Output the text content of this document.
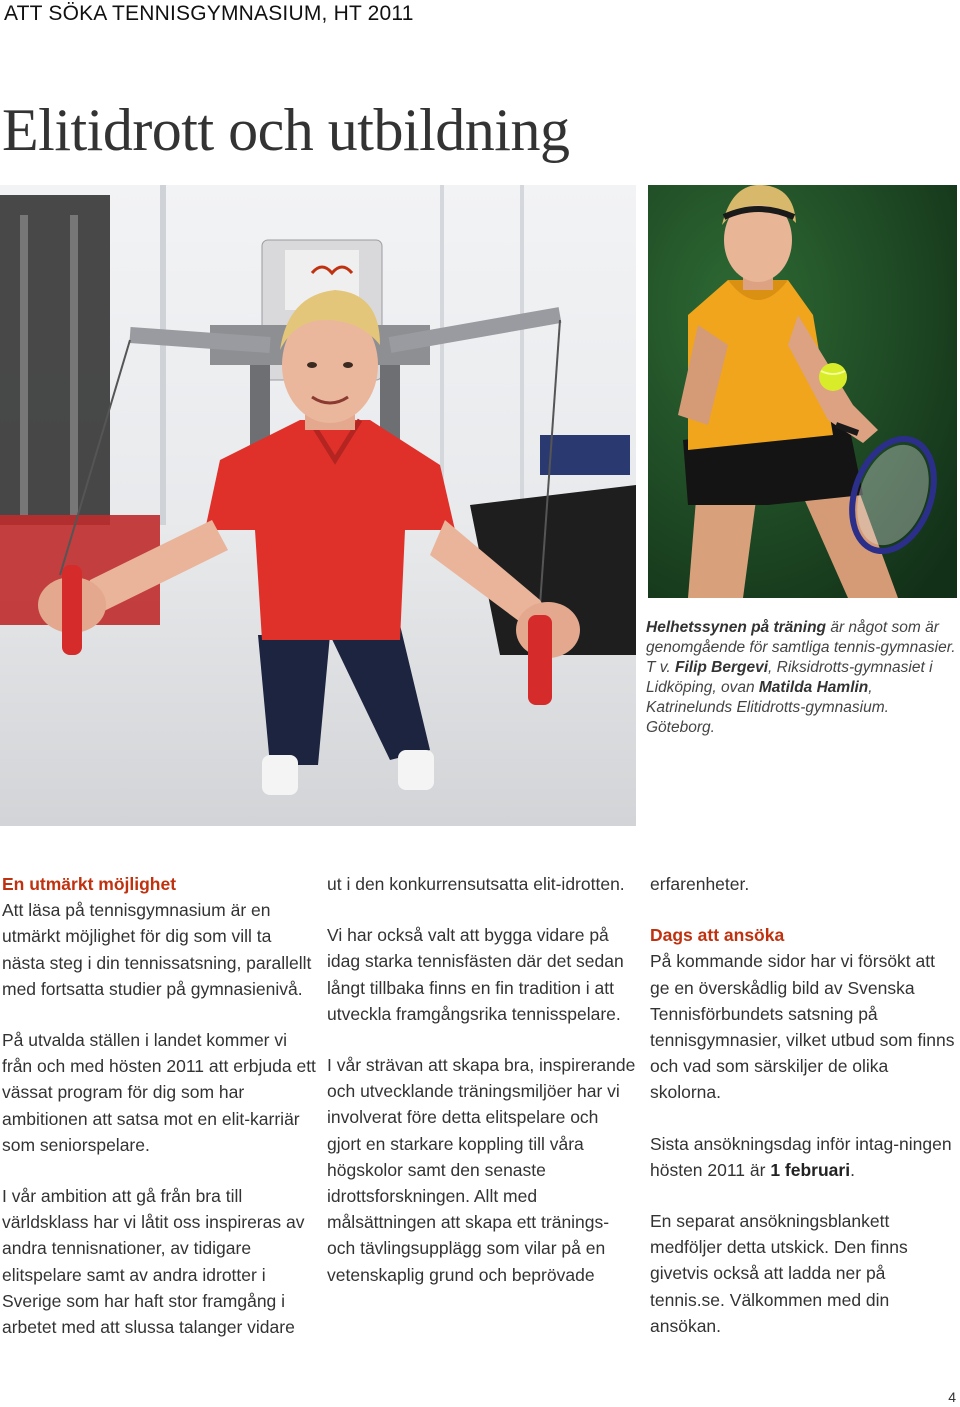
ATT SÖKA TENNISGYMNASIUM, HT 2011
Elitidrott och utbildning
Helhetssynen på träning är något som är genomgående för samtliga tennis-gymnasier. T v. Filip Bergevi, Riksidrotts-gymnasiet i Lidköping, ovan Matilda Hamlin, Katrinelunds Elitidrotts-gymnasium. Göteborg.
En utmärkt möjlighet

Att läsa på tennisgymnasium är en utmärkt möjlighet för dig som vill ta nästa steg i din tennissatsning, parallellt med fortsatta studier på gymnasienivå.

På utvalda ställen i landet kommer vi från och med hösten 2011 att erbjuda ett vässat program för dig som har ambitionen att satsa mot en elit-karriär som seniorspelare.

I vår ambition att gå från bra till världsklass har vi låtit oss inspireras av andra tennisnationer, av tidigare elitspelare samt av andra idrotter i Sverige som har haft stor framgång i arbetet med att slussa talanger vidare

ut i den konkurrensutsatta elit-idrotten.

Vi har också valt att bygga vidare på idag starka tennisfästen där det sedan långt tillbaka finns en fin tradition i att utveckla framgångsrika tennisspelare.

I vår strävan att skapa bra, inspirerande och utvecklande träningsmiljöer har vi involverat före detta elitspelare och gjort en starkare koppling till våra högskolor samt den senaste idrottsforskningen. Allt med målsättningen att skapa ett tränings-och tävlingsupplägg som vilar på en vetenskaplig grund och beprövade

erfarenheter.

Dags att ansöka

På kommande sidor har vi försökt att ge en överskådlig bild av Svenska Tennisförbundets satsning på tennisgymnasier, vilket utbud som finns och vad som särskiljer de olika skolorna.

Sista ansökningsdag inför intag-ningen hösten 2011 är 1 februari.

En separat ansökningsblankett medföljer detta utskick. Den finns givetvis också att ladda ner på tennis.se. Välkommen med din ansökan.

4
